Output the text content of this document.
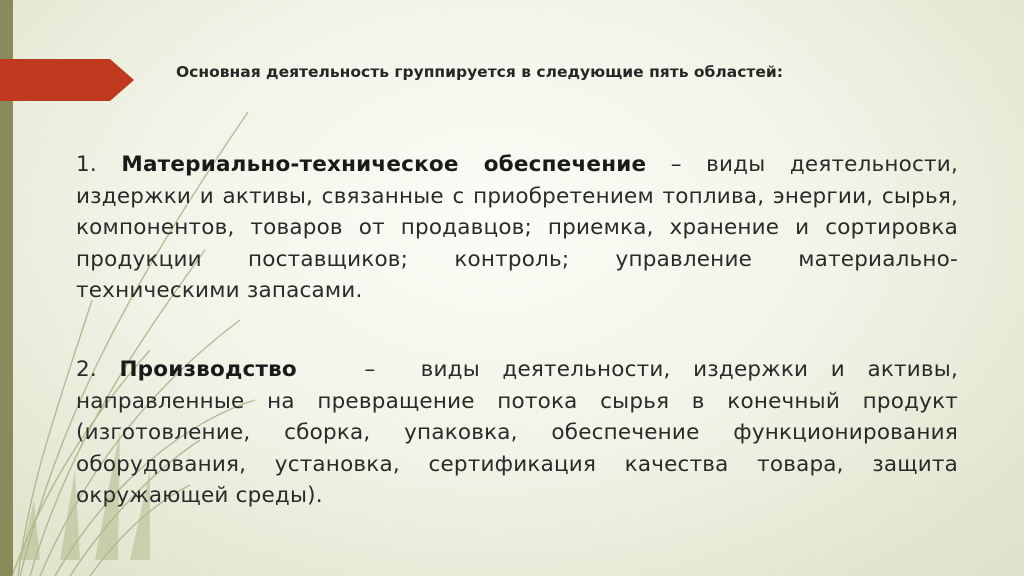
Основная деятельность группируется в следующие пять областей:

1. Материально-техническое обеспечение – виды деятельности, издержки и активы, связанные с приобретением топлива, энергии, сырья, компонентов, товаров от продавцов; приемка, хранение и сортировка продукции поставщиков; контроль; управление материально-техническими запасами.

2. Производство   –  виды деятельности, издержки и активы, направленные на превращение потока сырья в конечный продукт (изготовление, сборка, упаковка, обеспечение функционирования оборудования, установка, сертификация качества товара, защита окружающей среды).
